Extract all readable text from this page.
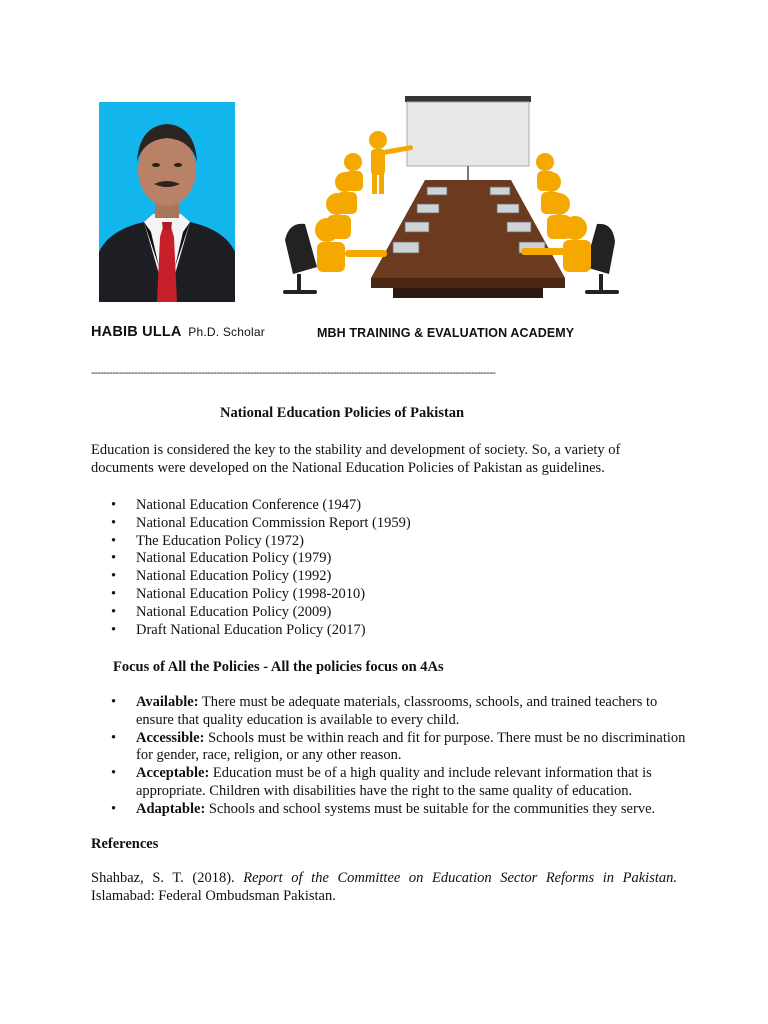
HABIB ULLA Ph.D. Scholar	MBH TRAINING & EVALUATION ACADEMY
------------------------------------------------------------------------------------------------------------------------------------
National Education Policies of Pakistan

Education is considered the key to the stability and development of society. So, a variety of documents were developed on the National Education Policies of Pakistan as guidelines.

• National Education Conference (1947)
• National Education Commission Report (1959)
• The Education Policy (1972)
• National Education Policy (1979)
• National Education Policy (1992)
• National Education Policy (1998-2010)
• National Education Policy (2009)
• Draft National Education Policy (2017)
Focus of All the Policies - All the policies focus on 4As
• Available: There must be adequate materials, classrooms, schools, and trained teachers to ensure that quality education is available to every child.
• Accessible: Schools must be within reach and fit for purpose. There must be no discrimination for gender, race, religion, or any other reason.
• Acceptable: Education must be of a high quality and include relevant information that is appropriate. Children with disabilities have the right to the same quality of education.
• Adaptable: Schools and school systems must be suitable for the communities they serve.
References

Shahbaz, S. T. (2018). Report of the Committee on Education Sector Reforms in Pakistan. Islamabad: Federal Ombudsman Pakistan.
